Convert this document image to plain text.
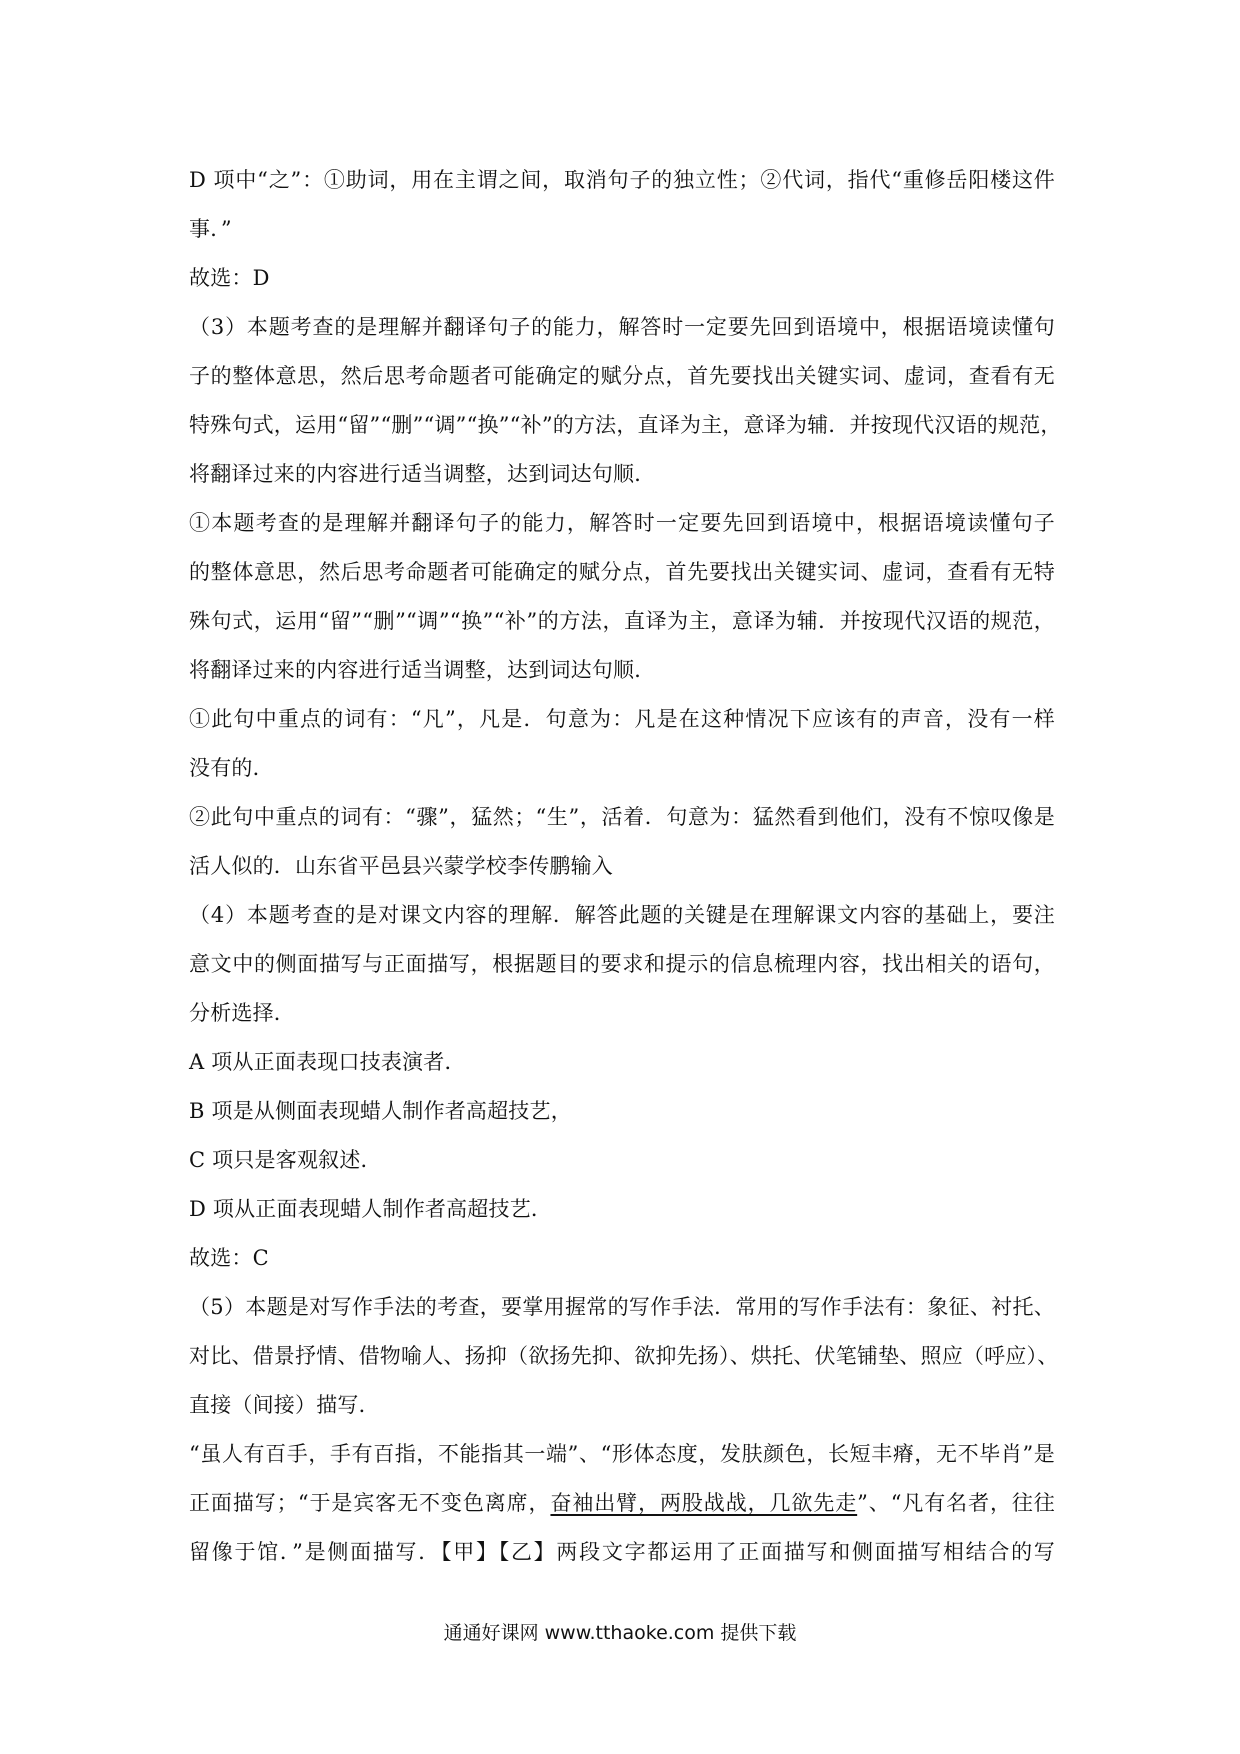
D 项中“之”：①助词，用在主谓之间，取消句子的独立性；②代词，指代“重修岳阳楼这件
事．”
故选：D
（3）本题考查的是理解并翻译句子的能力，解答时一定要先回到语境中，根据语境读懂句
子的整体意思，然后思考命题者可能确定的赋分点，首先要找出关键实词、虚词，查看有无
特殊句式，运用“留”“删”“调”“换”“补”的方法，直译为主，意译为辅．并按现代汉语的规范，
将翻译过来的内容进行适当调整，达到词达句顺．
①本题考查的是理解并翻译句子的能力，解答时一定要先回到语境中，根据语境读懂句子
的整体意思，然后思考命题者可能确定的赋分点，首先要找出关键实词、虚词，查看有无特
殊句式，运用“留”“删”“调”“换”“补”的方法，直译为主，意译为辅．并按现代汉语的规范，
将翻译过来的内容进行适当调整，达到词达句顺．
①此句中重点的词有：“凡”，凡是．句意为：凡是在这种情况下应该有的声音，没有一样
没有的．
②此句中重点的词有：“骤”，猛然；“生”，活着．句意为：猛然看到他们，没有不惊叹像是
活人似的．山东省平邑县兴蒙学校李传鹏输入
（4）本题考查的是对课文内容的理解．解答此题的关键是在理解课文内容的基础上，要注
意文中的侧面描写与正面描写，根据题目的要求和提示的信息梳理内容，找出相关的语句，
分析选择．
A 项从正面表现口技表演者．
B 项是从侧面表现蜡人制作者高超技艺，
C 项只是客观叙述．
D 项从正面表现蜡人制作者高超技艺．
故选：C
（5）本题是对写作手法的考查，要掌用握常的写作手法．常用的写作手法有：象征、衬托、
对比、借景抒情、借物喻人、扬抑（欲扬先抑、欲抑先扬）、烘托、伏笔铺垫、照应（呼应）、
直接（间接）描写．
“虽人有百手，手有百指，不能指其一端”、“形体态度，发肤颜色，长短丰瘠，无不毕肖”是
正面描写；“于是宾客无不变色离席，奋袖出臂，两股战战，几欲先走”、“凡有名者，往往
留像于馆．”是侧面描写．【甲】【乙】两段文字都运用了正面描写和侧面描写相结合的写
通通好课网 www.tthaoke.com 提供下载
